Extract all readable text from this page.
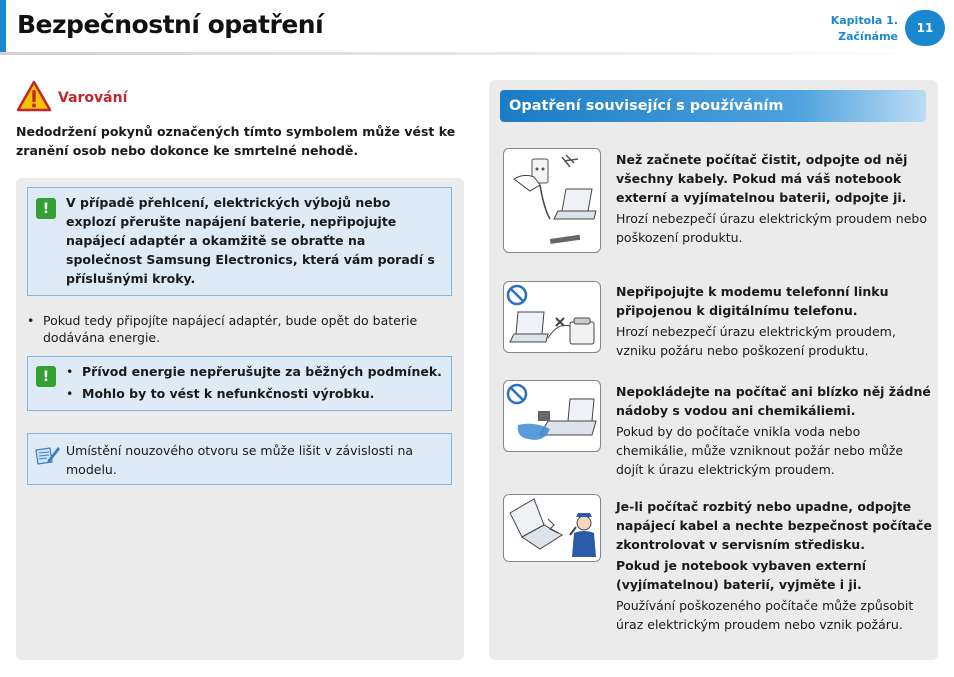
Bezpečnostní opatření	Kapitola 1.
Začínáme
11
Varování
Nedodržení pokynů označených tímto symbolem může vést ke zranění osob nebo dokonce ke smrtelné nehodě.
!	V případě přehlcení, elektrických výbojů nebo explozí přerušte napájení baterie, nepřipojujte napájecí adaptér a okamžitě se obraťte na společnost Samsung Electronics, která vám poradí s příslušnými kroky.
• Pokud tedy připojíte napájecí adaptér, bude opět do baterie dodávána energie.
!
•	Přívod energie nepřerušujte za běžných podmínek.
• Mohlo by to vést k nefunkčnosti výrobku.
Umístění nouzového otvoru se může lišit v závislosti na modelu.
Opatření související s používáním
Než začnete počítač čistit, odpojte od něj všechny kabely. Pokud má váš notebook externí a vyjímatelnou baterii, odpojte ji.
Hrozí nebezpečí úrazu elektrickým proudem nebo poškození produktu.
Nepřipojujte k modemu telefonní linku připojenou k digitálnímu telefonu.
Hrozí nebezpečí úrazu elektrickým proudem, vzniku požáru nebo poškození produktu.
Nepokládejte na počítač ani blízko něj žádné nádoby s vodou ani chemikáliemi.
Pokud by do počítače vnikla voda nebo chemikálie, může vzniknout požár nebo může dojít k úrazu elektrickým proudem.
Je-li počítač rozbitý nebo upadne, odpojte napájecí kabel a nechte bezpečnost počítače zkontrolovat v servisním středisku.
Pokud je notebook vybaven externí (vyjímatelnou) baterií, vyjměte i ji.
Používání poškozeného počítače může způsobit úraz elektrickým proudem nebo vznik požáru.
